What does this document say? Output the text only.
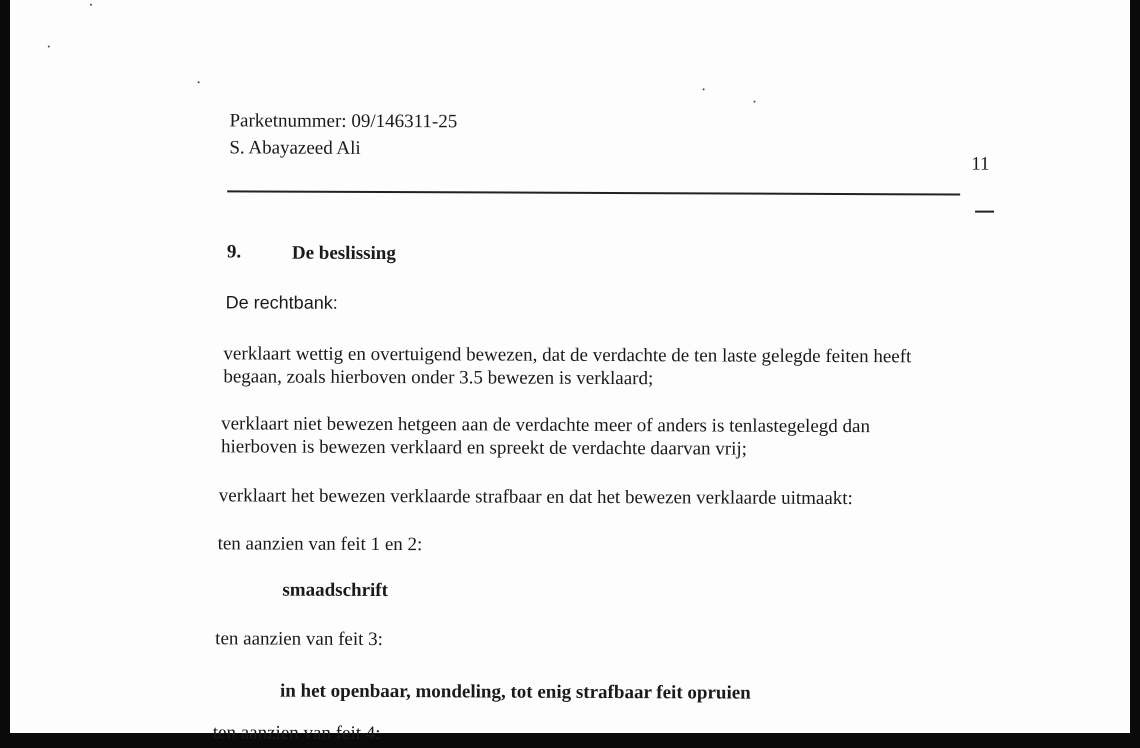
Parketnummer: 09/146311-25
S. Abayazeed Ali
11
9.	De beslissing
De rechtbank:
verklaart wettig en overtuigend bewezen, dat de verdachte de ten laste gelegde feiten heeft
begaan, zoals hierboven onder 3.5 bewezen is verklaard;
verklaart niet bewezen hetgeen aan de verdachte meer of anders is tenlastegelegd dan
hierboven is bewezen verklaard en spreekt de verdachte daarvan vrij;
verklaart het bewezen verklaarde strafbaar en dat het bewezen verklaarde uitmaakt:
ten aanzien van feit 1 en 2:
smaadschrift
ten aanzien van feit 3:
in het openbaar, mondeling, tot enig strafbaar feit opruien
ten aanzien van feit 4:
